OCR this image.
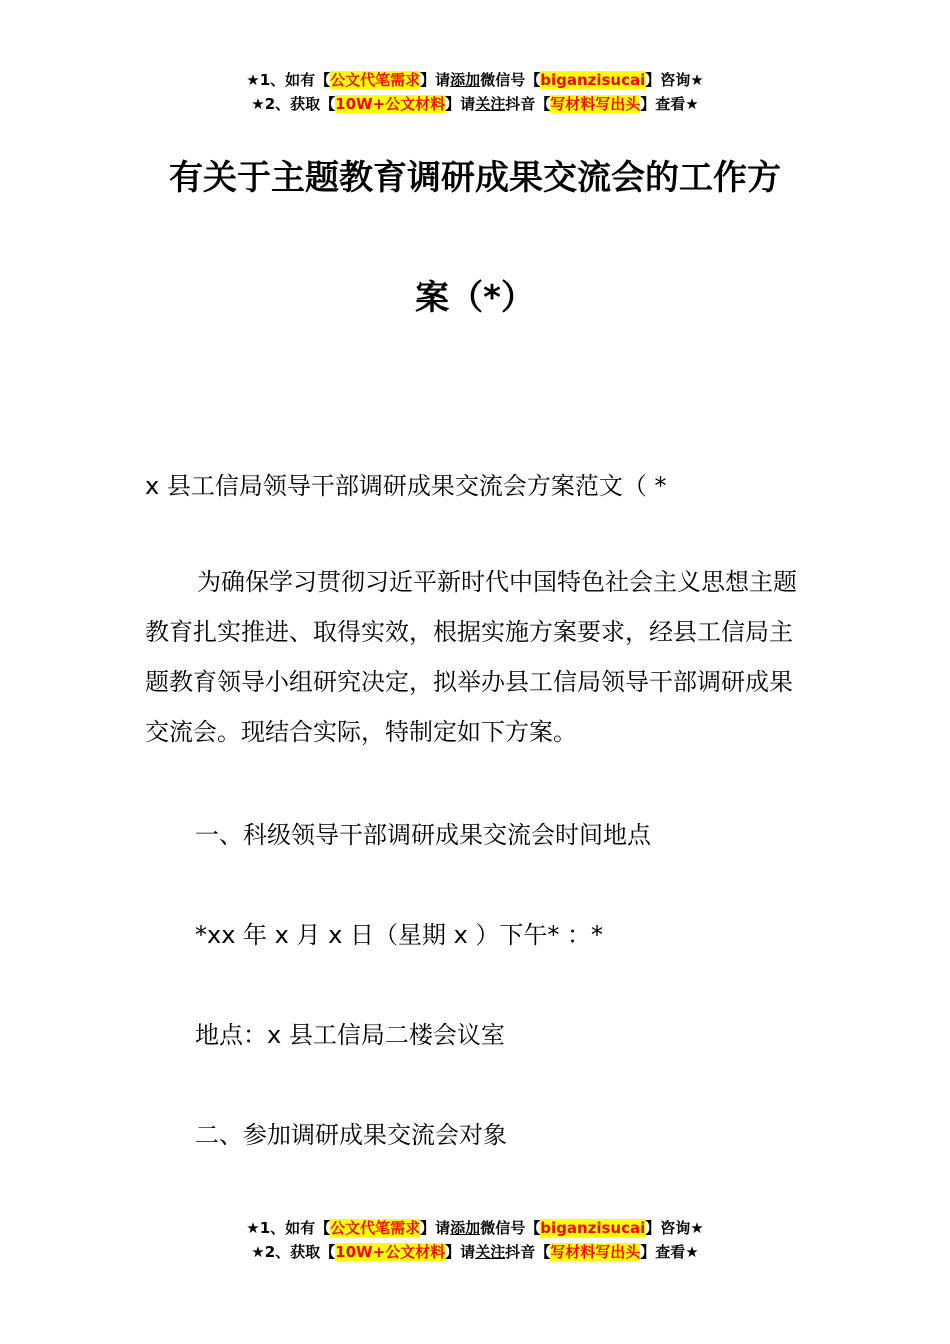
★1、如有【公文代笔需求】请添加微信号【biganzisucai】咨询★
★2、获取【10W+公文材料】请关注抖音【写材料写出头】查看★
有关于主题教育调研成果交流会的工作方
案（*）
x 县工信局领导干部调研成果交流会方案范文（ *
为确保学习贯彻习近平新时代中国特色社会主义思想主题教育扎实推进、取得实效，根据实施方案要求，经县工信局主题教育领导小组研究决定，拟举办县工信局领导干部调研成果交流会。现结合实际，特制定如下方案。
一、科级领导干部调研成果交流会时间地点
*xx 年 x 月 x 日（星期 x ）下午* ：*
地点：x 县工信局二楼会议室
二、参加调研成果交流会对象
★1、如有【公文代笔需求】请添加微信号【biganzisucai】咨询★
★2、获取【10W+公文材料】请关注抖音【写材料写出头】查看★
